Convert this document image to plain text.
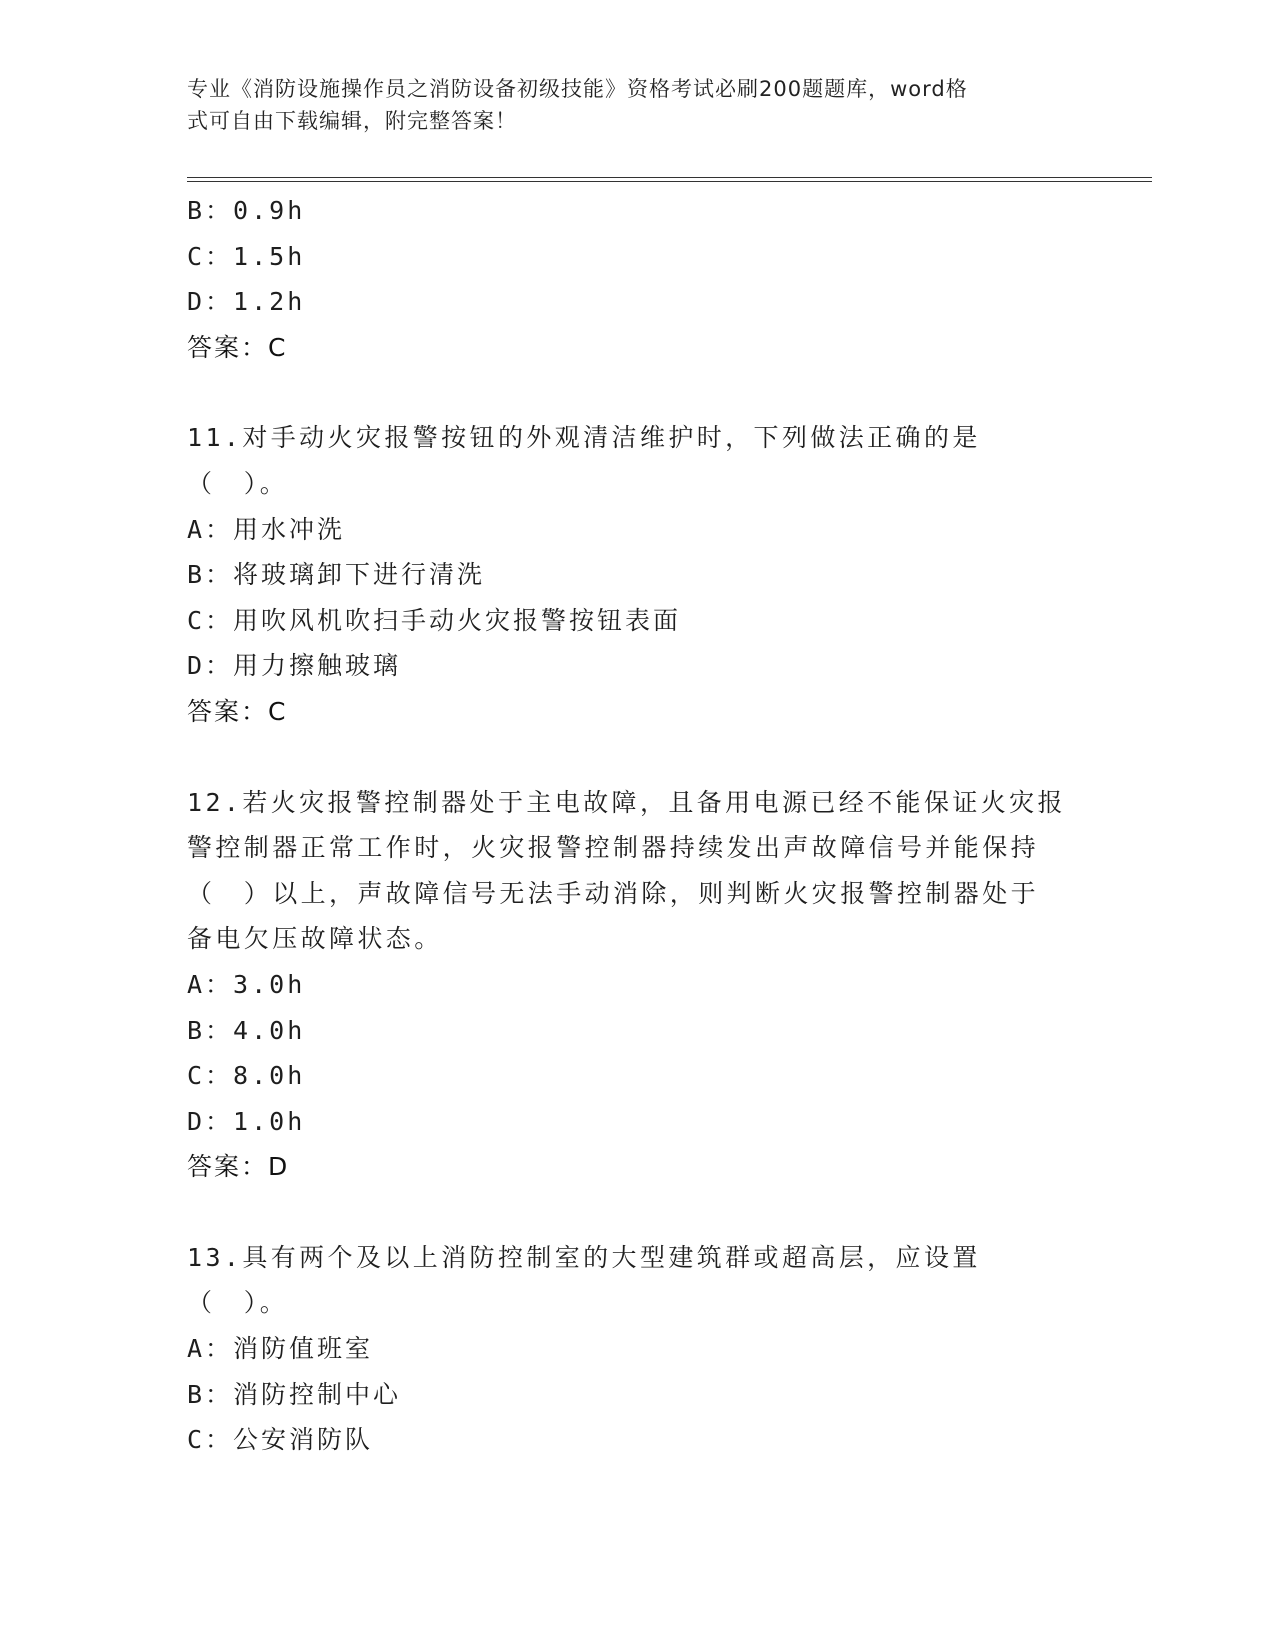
专业《消防设施操作员之消防设备初级技能》资格考试必刷200题题库，word格
式可自由下载编辑，附完整答案！
B：0.9h
C：1.5h
D：1.2h
答案：C
11.对手动火灾报警按钮的外观清洁维护时，下列做法正确的是（　）。
A：用水冲洗
B：将玻璃卸下进行清洗
C：用吹风机吹扫手动火灾报警按钮表面
D：用力擦触玻璃
答案：C
12.若火灾报警控制器处于主电故障，且备用电源已经不能保证火灾报警控制器正常工作时，火灾报警控制器持续发出声故障信号并能保持（　）以上，声故障信号无法手动消除，则判断火灾报警控制器处于备电欠压故障状态。
A：3.0h
B：4.0h
C：8.0h
D：1.0h
答案：D
13.具有两个及以上消防控制室的大型建筑群或超高层，应设置（　）。
A：消防值班室
B：消防控制中心
C：公安消防队
